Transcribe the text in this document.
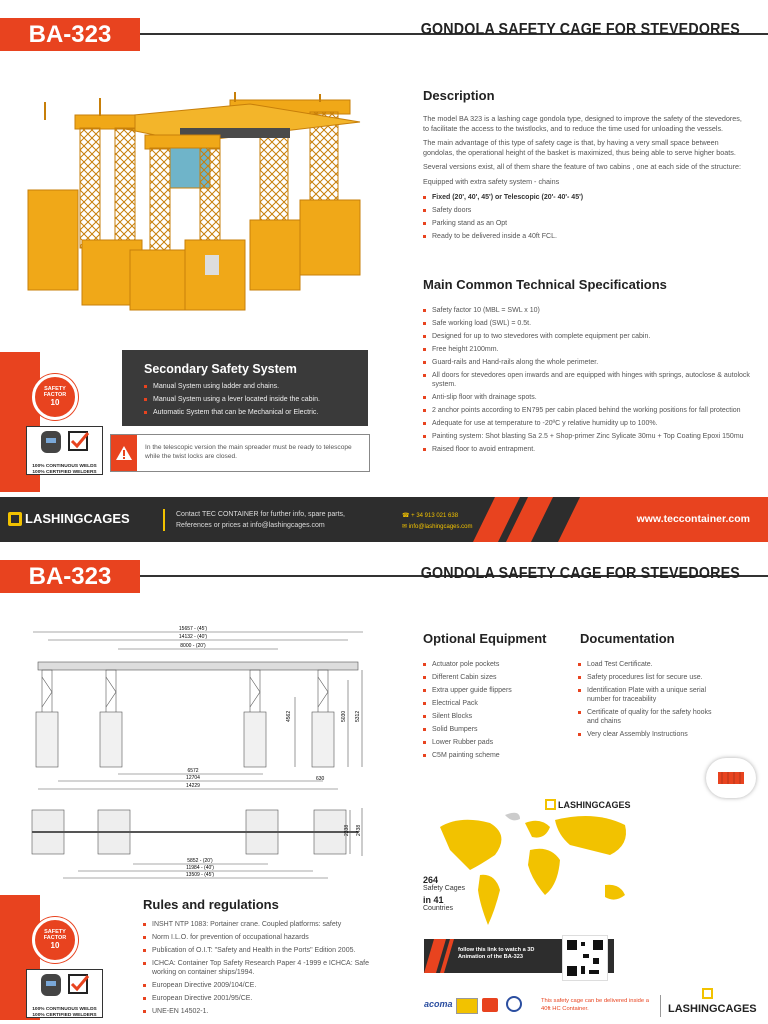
BA-323	GONDOLA SAFETY CAGE FOR STEVEDORES
Description
The model BA 323 is a lashing cage gondola type, designed to improve the safety of the stevedores, to facilitate the access to the twistlocks, and to reduce the time used for unloading the vessels.
The main advantage of this type of safety cage is that, by having a very small space between gondolas, the operational height of the basket is maximized, thus being able to serve higher boats.
Several versions exist, all of them share the feature of two cabins , one at each side of the structure:
Equipped with extra safety system - chains
Fixed (20', 40', 45') or Telescopic (20'- 40'- 45')
Safety doors
Parking stand as an Opt
Ready to be delivered inside a 40ft FCL.
Main Common Technical Specifications
Safety factor 10 (MBL = SWL x 10)
Safe working load (SWL) = 0.5t.
Designed for up to two stevedores with complete equipment per cabin.
Free height 2100mm.
Guard-rails and Hand-rails along the whole perimeter.
All doors for stevedores open inwards and are equipped with hinges with springs, autoclose & autolock system.
Anti-slip floor with drainage spots.
2 anchor points according to EN795 per cabin placed behind the working positions for fall protection
Adequate for use at temperature to -20ºC y relative humidity up to 100%.
Painting system: Shot blasting Sa 2.5 + Shop-primer Zinc Sylicate 30mu + Top Coating Epoxi 150mu
Raised floor to avoid entrapment.
Secondary Safety System
Manual System using ladder and chains.
Manual System using a lever located inside the cabin.
Automatic System that can be Mechanical or Electric.
In the telescopic version the main spreader must be ready to telescope while the twist locks are closed.
SAFETY
FACTOR
10
100% CONTINUOUS WELDS
100% CERTIFIED WELDERS
LASHINGCAGES	Contact TEC CONTAINER for further info, spare parts,
References or prices at info@lashingcages.com
☎ + 34 913 021 638
✉ info@lashingcages.com
www.teccontainer.com
BA-323	GONDOLA SAFETY CAGE FOR STEVEDORES
15657 - (45')
14132 - (40')
8000 - (20')
6572
12704
14229
4562	5030 5312
630
5852 - (20')
11984 - (40')
13509 - (45')
2338 2438
Optional Equipment
Actuator pole pockets
Different Cabin sizes
Extra upper guide flippers
Electrical Pack
Silent Blocks
Solid Bumpers
Lower Rubber pads
C5M painting scheme
Documentation
Load Test Certificate.
Safety procedures list for secure use.
Identification Plate with a unique serial number for traceability
Certificate of quality for the safety hooks and chains
Very clear Assembly Instructions
LASHINGCAGES
264
Safety Cages
in 41
Countries
follow this link to watch a 3D Animation of the BA-323
Rules and regulations
INSHT NTP 1083: Portainer crane. Coupled platforms: safety
Norm I.L.O. for prevention of occupational hazards
Publication of O.I.T: "Safety and Health in the Ports" Edition 2005.
ICHCA: Container Top Safety Research Paper 4 -1999 e ICHCA: Safe working on container ships/1994.
European Directive 2009/104/CE.
European Directive 2001/95/CE.
UNE-EN 14502-1.
SAFETY
FACTOR
10
100% CONTINUOUS WELDS
100% CERTIFIED WELDERS
acoma	This safety cage can be delivered inside a 40ft HC Container.	LASHINGCAGES
